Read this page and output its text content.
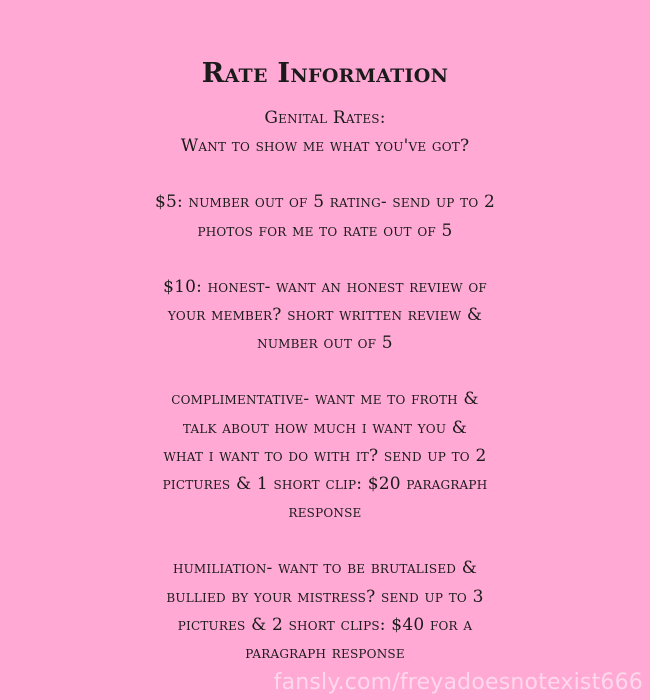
Rate Information
Genital Rates:
Want to show me what you've got?
$5: number out of 5 rating- send up to 2
photos for me to rate out of 5
$10: honest- want an honest review of
your member? short written review &
number out of 5
complimentative- want me to froth &
talk about how much i want you &
what i want to do with it? send up to 2
pictures & 1 short clip: $20 paragraph
response
humiliation- want to be brutalised &
bullied by your mistress? send up to 3
pictures & 2 short clips: $40 for a
paragraph response
fansly.com/freyadoesnotexist666
